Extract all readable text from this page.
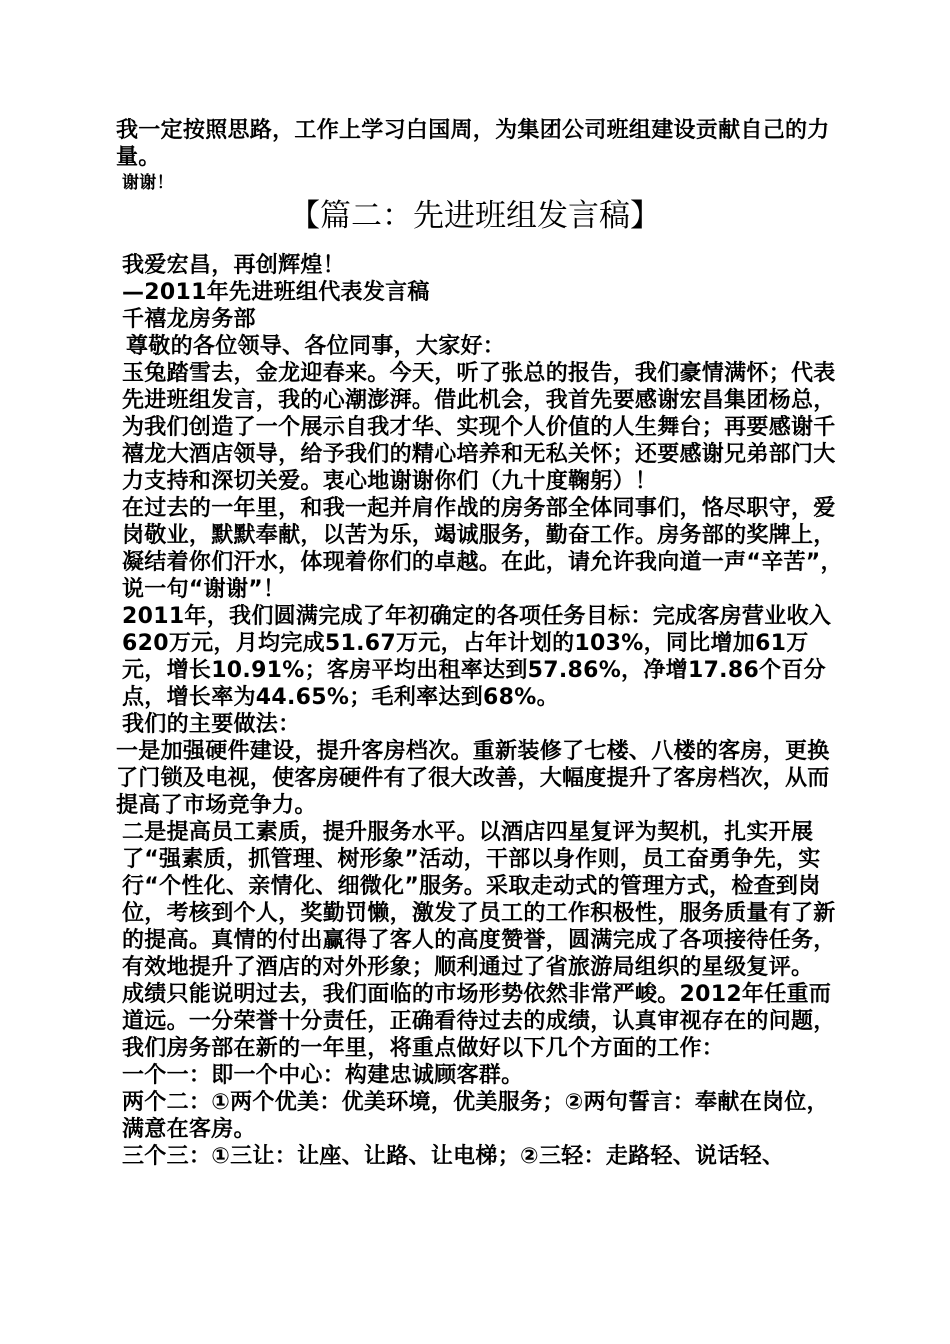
我一定按照思路，工作上学习白国周，为集团公司班组建设贡献自己的力量。

谢谢！

【篇二：先进班组发言稿】

我爱宏昌，再创辉煌！

—2011年先进班组代表发言稿

千禧龙房务部

尊敬的各位领导、各位同事，大家好：

玉兔踏雪去，金龙迎春来。今天，听了张总的报告，我们豪情满怀；代表先进班组发言，我的心潮澎湃。借此机会，我首先要感谢宏昌集团杨总，为我们创造了一个展示自我才华、实现个人价值的人生舞台；再要感谢千禧龙大酒店领导，给予我们的精心培养和无私关怀；还要感谢兄弟部门大力支持和深切关爱。衷心地谢谢你们（九十度鞠躬）！

在过去的一年里，和我一起并肩作战的房务部全体同事们，恪尽职守，爱岗敬业，默默奉献，以苦为乐，竭诚服务，勤奋工作。房务部的奖牌上，凝结着你们汗水，体现着你们的卓越。在此，请允许我向道一声“辛苦”，说一句“谢谢”！

2011年，我们圆满完成了年初确定的各项任务目标：完成客房营业收入620万元，月均完成51.67万元，占年计划的103%，同比增加61万元，增长10.91%；客房平均出租率达到57.86%，净增17.86个百分点，增长率为44.65%；毛利率达到68%。

我们的主要做法：

一是加强硬件建设，提升客房档次。重新装修了七楼、八楼的客房，更换了门锁及电视，使客房硬件有了很大改善，大幅度提升了客房档次，从而提高了市场竞争力。

二是提高员工素质，提升服务水平。以酒店四星复评为契机，扎实开展了“强素质，抓管理、树形象”活动，干部以身作则，员工奋勇争先，实行“个性化、亲情化、细微化”服务。采取走动式的管理方式，检查到岗位，考核到个人，奖勤罚懒，激发了员工的工作积极性，服务质量有了新的提高。真情的付出赢得了客人的高度赞誉，圆满完成了各项接待任务，有效地提升了酒店的对外形象；顺利通过了省旅游局组织的星级复评。

成绩只能说明过去，我们面临的市场形势依然非常严峻。2012年任重而道远。一分荣誉十分责任，正确看待过去的成绩，认真审视存在的问题，我们房务部在新的一年里，将重点做好以下几个方面的工作：

一个一：即一个中心：构建忠诚顾客群。

两个二：①两个优美：优美环境，优美服务；②两句誓言：奉献在岗位，满意在客房。

三个三：①三让：让座、让路、让电梯；②三轻：走路轻、说话轻、
